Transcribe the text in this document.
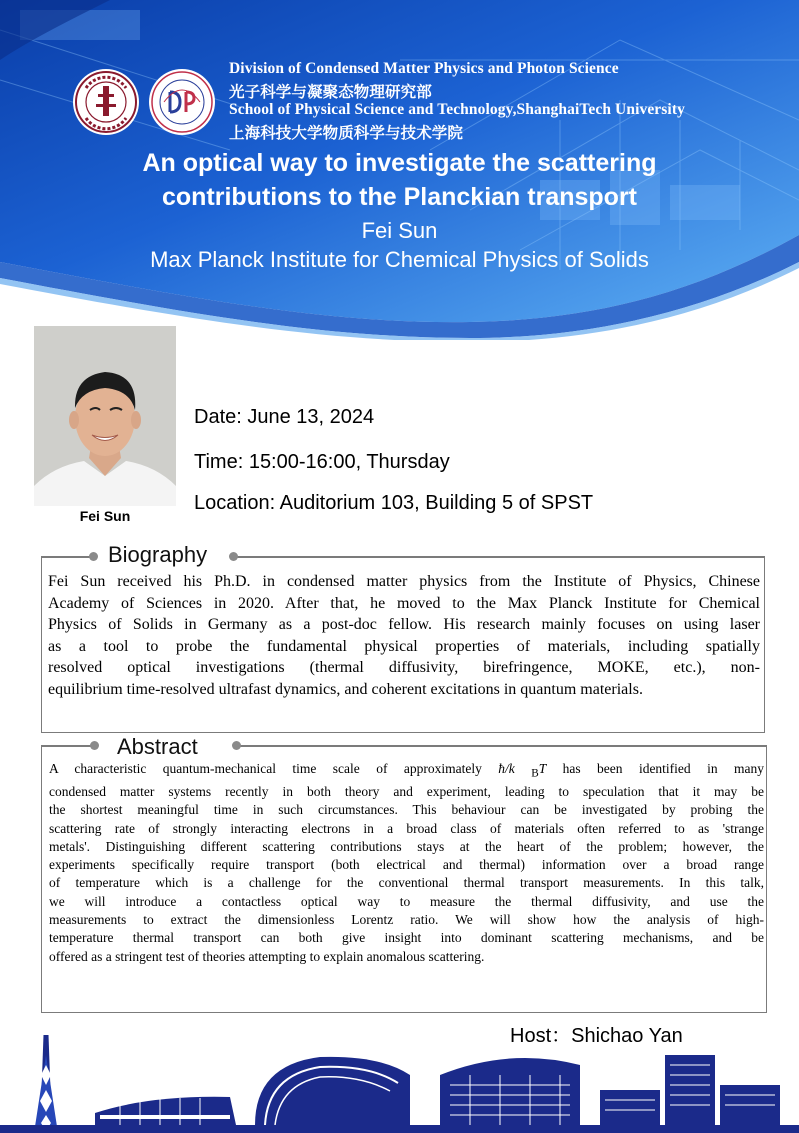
Division of Condensed Matter Physics and Photon Science
光子科学与凝聚态物理研究部
School of Physical Science and Technology,ShanghaiTech University
上海科技大学物质科学与技术学院
An optical way to investigate the scattering
contributions to the Planckian transport
Fei Sun
Max Planck Institute for Chemical Physics of Solids
Fei Sun
Date: June 13, 2024
Time: 15:00-16:00, Thursday
Location: Auditorium 103, Building 5 of SPST
Biography
Fei Sun received his Ph.D. in condensed matter physics from the Institute of Physics, Chinese
Academy of Sciences in 2020. After that, he moved to the Max Planck Institute for Chemical
Physics of Solids in Germany as a post-doc fellow. His research mainly focuses on using laser
as a tool to probe the fundamental physical properties of materials, including spatially
resolved optical investigations (thermal diffusivity, birefringence, MOKE, etc.), non-
equilibrium time-resolved ultrafast dynamics, and coherent excitations in quantum materials.
Abstract
A characteristic quantum-mechanical time scale of approximately ħ/k $_B$T has been identified in many
condensed matter systems recently in both theory and experiment, leading to speculation that it may be
the shortest meaningful time in such circumstances. This behaviour can be investigated by probing the
scattering rate of strongly interacting electrons in a broad class of materials often referred to as 'strange
metals'. Distinguishing different scattering contributions stays at the heart of the problem; however, the
experiments specifically require transport (both electrical and thermal) information over a broad range
of temperature which is a challenge for the conventional thermal transport measurements. In this talk,
we will introduce a contactless optical way to measure the thermal diffusivity, and use the
measurements to extract the dimensionless Lorentz ratio. We will show how the analysis of high-
temperature thermal transport can both give insight into dominant scattering mechanisms, and be
offered as a stringent test of theories attempting to explain anomalous scattering.
Host：Shichao Yan
